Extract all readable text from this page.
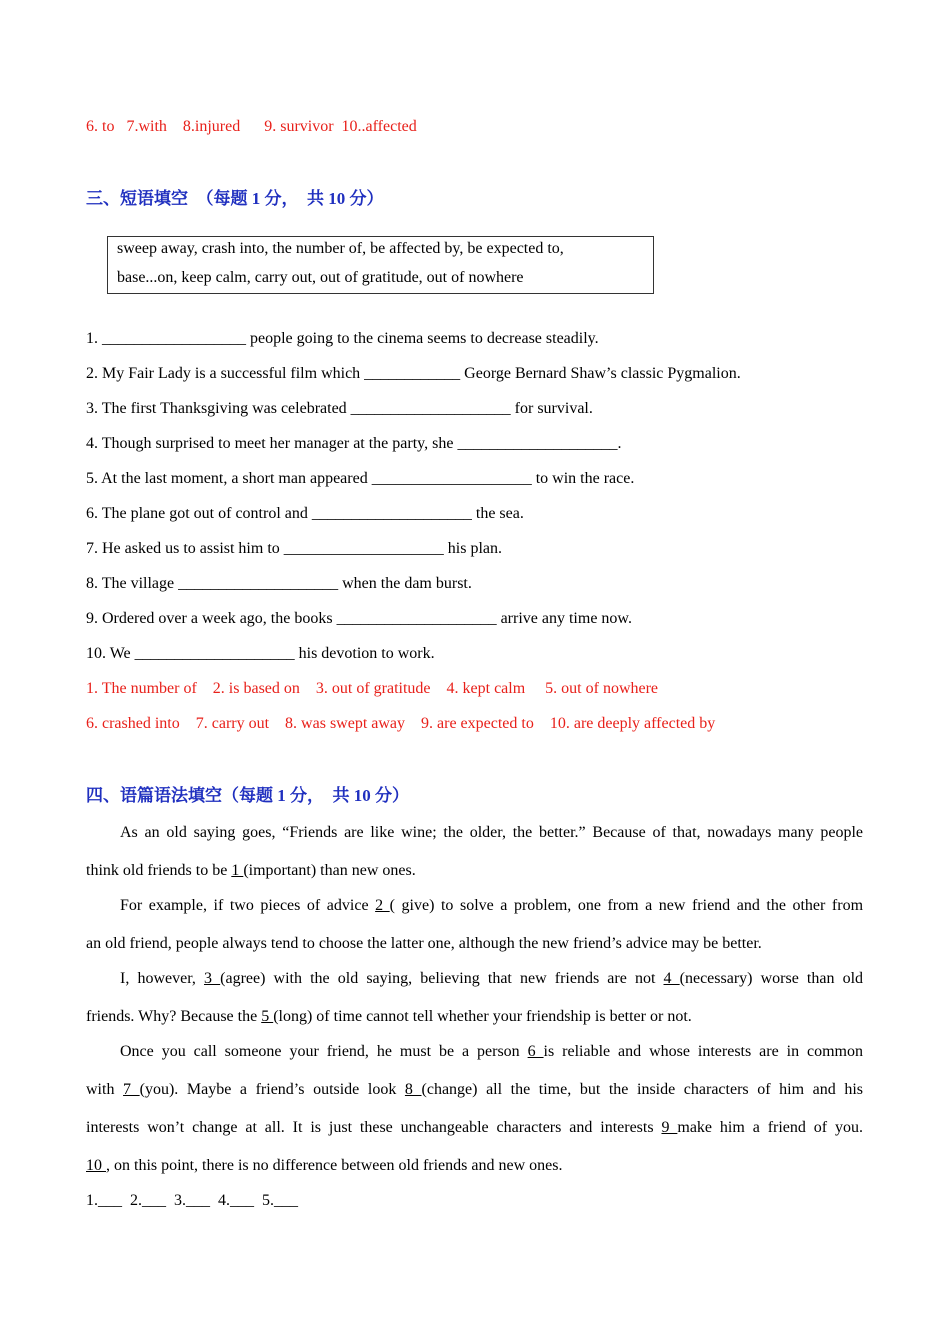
6. to   7.with    8.injured      9. survivor  10..affected
三、短语填空  （每题 1 分，  共 10 分）
sweep away, crash into, the number of, be affected by, be expected to,
base...on, keep calm, carry out, out of gratitude, out of nowhere
1. __________________ people going to the cinema seems to decrease steadily.
2. My Fair Lady is a successful film which ____________ George Bernard Shaw’s classic Pygmalion.
3. The first Thanksgiving was celebrated ____________________ for survival.
4. Though surprised to meet her manager at the party, she ____________________.
5. At the last moment, a short man appeared ____________________ to win the race.
6. The plane got out of control and ____________________ the sea.
7. He asked us to assist him to ____________________ his plan.
8. The village ____________________ when the dam burst.
9. Ordered over a week ago, the books ____________________ arrive any time now.
10. We ____________________ his devotion to work.
1. The number of    2. is based on    3. out of gratitude    4. kept calm     5. out of nowhere
6. crashed into    7. carry out    8. was swept away    9. are expected to    10. are deeply affected by
四、语篇语法填空（每题 1 分，  共 10 分）
As an old saying goes, “Friends are like wine; the older, the better.” Because of that, nowadays many people
think old friends to be 1 (important) than new ones.
For example, if two pieces of advice 2 ( give) to solve a problem, one from a new friend and the other from
an old friend, people always tend to choose the latter one, although the new friend’s advice may be better.
I, however, 3 (agree) with the old saying, believing that new friends are not 4 (necessary) worse than old
friends. Why? Because the 5 (long) of time cannot tell whether your friendship is better or not.
Once you call someone your friend, he must be a person 6 is reliable and whose interests are in common
with 7 (you). Maybe a friend’s outside look 8 (change) all the time, but the inside characters of him and his
interests won’t change at all. It is just these unchangeable characters and interests 9 make him a friend of you.
10 , on this point, there is no difference between old friends and new ones.
1.___  2.___  3.___  4.___  5.___
